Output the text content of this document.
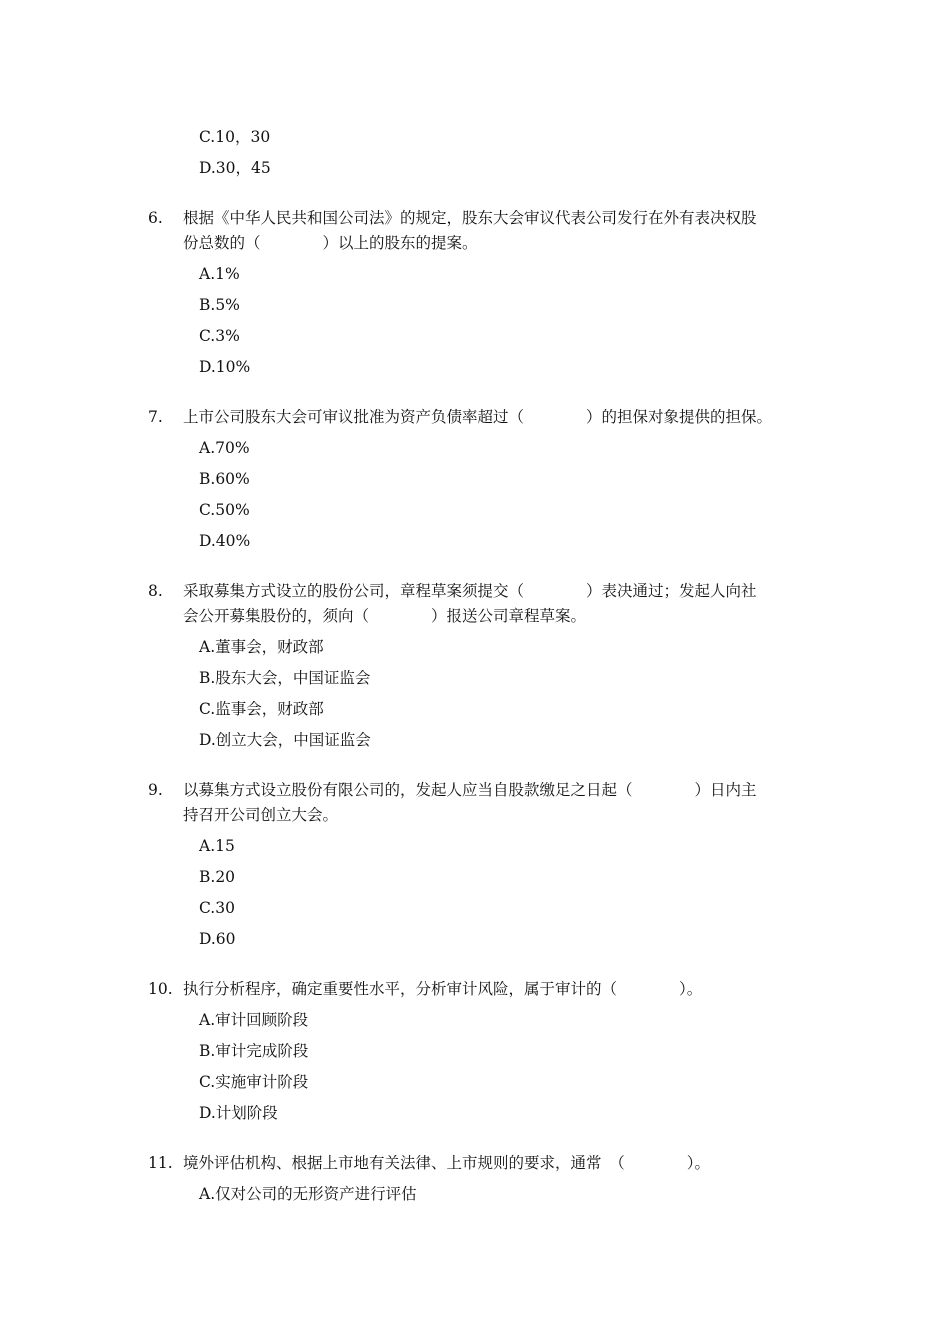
C.10，30
D.30，45
6. 根据《中华人民共和国公司法》的规定，股东大会审议代表公司发行在外有表决权股
份总数的（　　　　）以上的股东的提案。
A.1%
B.5%
C.3%
D.10%
7. 上市公司股东大会可审议批准为资产负债率超过（　　　　）的担保对象提供的担保。
A.70%
B.60%
C.50%
D.40%
8. 采取募集方式设立的股份公司，章程草案须提交（　　　　）表决通过；发起人向社
会公开募集股份的，须向（　　　　）报送公司章程草案。
A.董事会，财政部
B.股东大会，中国证监会
C.监事会，财政部
D.创立大会，中国证监会
9. 以募集方式设立股份有限公司的，发起人应当自股款缴足之日起（　　　　）日内主
持召开公司创立大会。
A.15
B.20
C.30
D.60
10. 执行分析程序，确定重要性水平，分析审计风险，属于审计的（　　　　）。
A.审计回顾阶段
B.审计完成阶段
C.实施审计阶段
D.计划阶段
11. 境外评估机构、根据上市地有关法律、上市规则的要求，通常　（　　　　）。
A.仅对公司的无形资产进行评估
